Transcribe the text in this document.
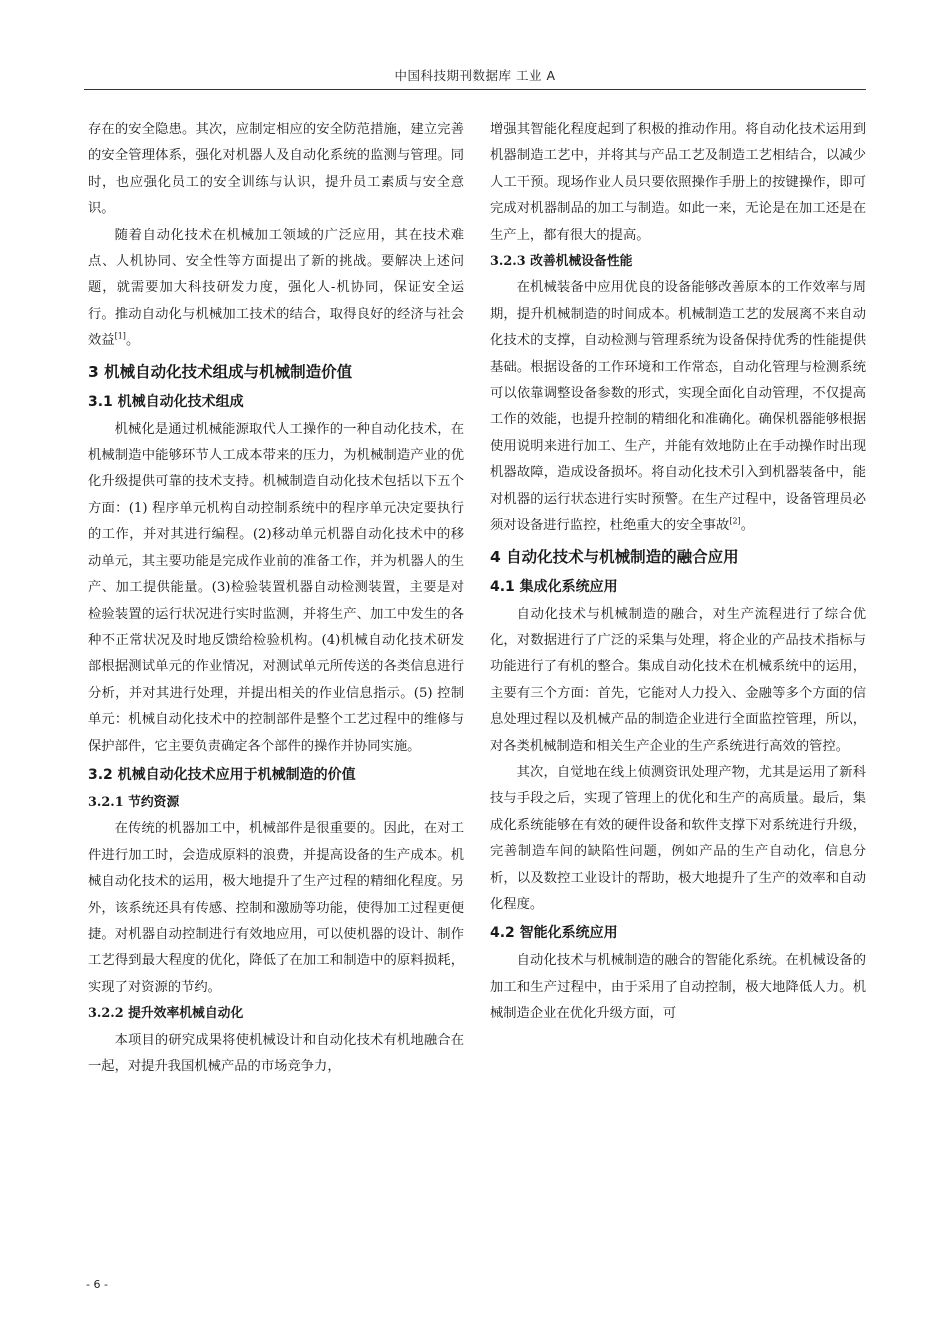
中国科技期刊数据库 工业 A

存在的安全隐患。其次，应制定相应的安全防范措施，建立完善的安全管理体系，强化对机器人及自动化系统的监测与管理。同时，也应强化员工的安全训练与认识，提升员工素质与安全意识。

随着自动化技术在机械加工领域的广泛应用，其在技术难点、人机协同、安全性等方面提出了新的挑战。要解决上述问题，就需要加大科技研发力度，强化人-机协同，保证安全运行。推动自动化与机械加工技术的结合，取得良好的经济与社会效益[1]。

3 机械自动化技术组成与机械制造价值
3.1 机械自动化技术组成

机械化是通过机械能源取代人工操作的一种自动化技术，在机械制造中能够环节人工成本带来的压力，为机械制造产业的优化升级提供可靠的技术支持。机械制造自动化技术包括以下五个方面：(1) 程序单元机构自动控制系统中的程序单元决定要执行的工作，并对其进行编程。(2)移动单元机器自动化技术中的移动单元，其主要功能是完成作业前的准备工作，并为机器人的生产、加工提供能量。(3)检验装置机器自动检测装置，主要是对检验装置的运行状况进行实时监测，并将生产、加工中发生的各种不正常状况及时地反馈给检验机构。(4)机械自动化技术研发部根据测试单元的作业情况，对测试单元所传送的各类信息进行分析，并对其进行处理，并提出相关的作业信息指示。(5) 控制单元：机械自动化技术中的控制部件是整个工艺过程中的维修与保护部件，它主要负责确定各个部件的操作并协同实施。

3.2 机械自动化技术应用于机械制造的价值
3.2.1 节约资源

在传统的机器加工中，机械部件是很重要的。因此，在对工件进行加工时，会造成原料的浪费，并提高设备的生产成本。机械自动化技术的运用，极大地提升了生产过程的精细化程度。另外，该系统还具有传感、控制和激励等功能，使得加工过程更便捷。对机器自动控制进行有效地应用，可以使机器的设计、制作工艺得到最大程度的优化，降低了在加工和制造中的原料损耗，实现了对资源的节约。

3.2.2 提升效率机械自动化

本项目的研究成果将使机械设计和自动化技术有机地融合在一起，对提升我国机械产品的市场竞争力，

增强其智能化程度起到了积极的推动作用。将自动化技术运用到机器制造工艺中，并将其与产品工艺及制造工艺相结合，以减少人工干预。现场作业人员只要依照操作手册上的按键操作，即可完成对机器制品的加工与制造。如此一来，无论是在加工还是在生产上，都有很大的提高。

3.2.3 改善机械设备性能

在机械装备中应用优良的设备能够改善原本的工作效率与周期，提升机械制造的时间成本。机械制造工艺的发展离不来自动化技术的支撑，自动检测与管理系统为设备保持优秀的性能提供基础。根据设备的工作环境和工作常态，自动化管理与检测系统可以依靠调整设备参数的形式，实现全面化自动管理，不仅提高工作的效能，也提升控制的精细化和准确化。确保机器能够根据使用说明来进行加工、生产，并能有效地防止在手动操作时出现机器故障，造成设备损坏。将自动化技术引入到机器装备中，能对机器的运行状态进行实时预警。在生产过程中，设备管理员必须对设备进行监控，杜绝重大的安全事故[2]。

4 自动化技术与机械制造的融合应用
4.1 集成化系统应用

自动化技术与机械制造的融合，对生产流程进行了综合优化，对数据进行了广泛的采集与处理，将企业的产品技术指标与功能进行了有机的整合。集成自动化技术在机械系统中的运用，主要有三个方面：首先，它能对人力投入、金融等多个方面的信息处理过程以及机械产品的制造企业进行全面监控管理，所以，对各类机械制造和相关生产企业的生产系统进行高效的管控。

其次，自觉地在线上侦测资讯处理产物，尤其是运用了新科技与手段之后，实现了管理上的优化和生产的高质量。最后，集成化系统能够在有效的硬件设备和软件支撑下对系统进行升级，完善制造车间的缺陷性问题，例如产品的生产自动化，信息分析，以及数控工业设计的帮助，极大地提升了生产的效率和自动化程度。

4.2 智能化系统应用

自动化技术与机械制造的融合的智能化系统。在机械设备的加工和生产过程中，由于采用了自动控制，极大地降低人力。机械制造企业在优化升级方面，可

- 6 -
